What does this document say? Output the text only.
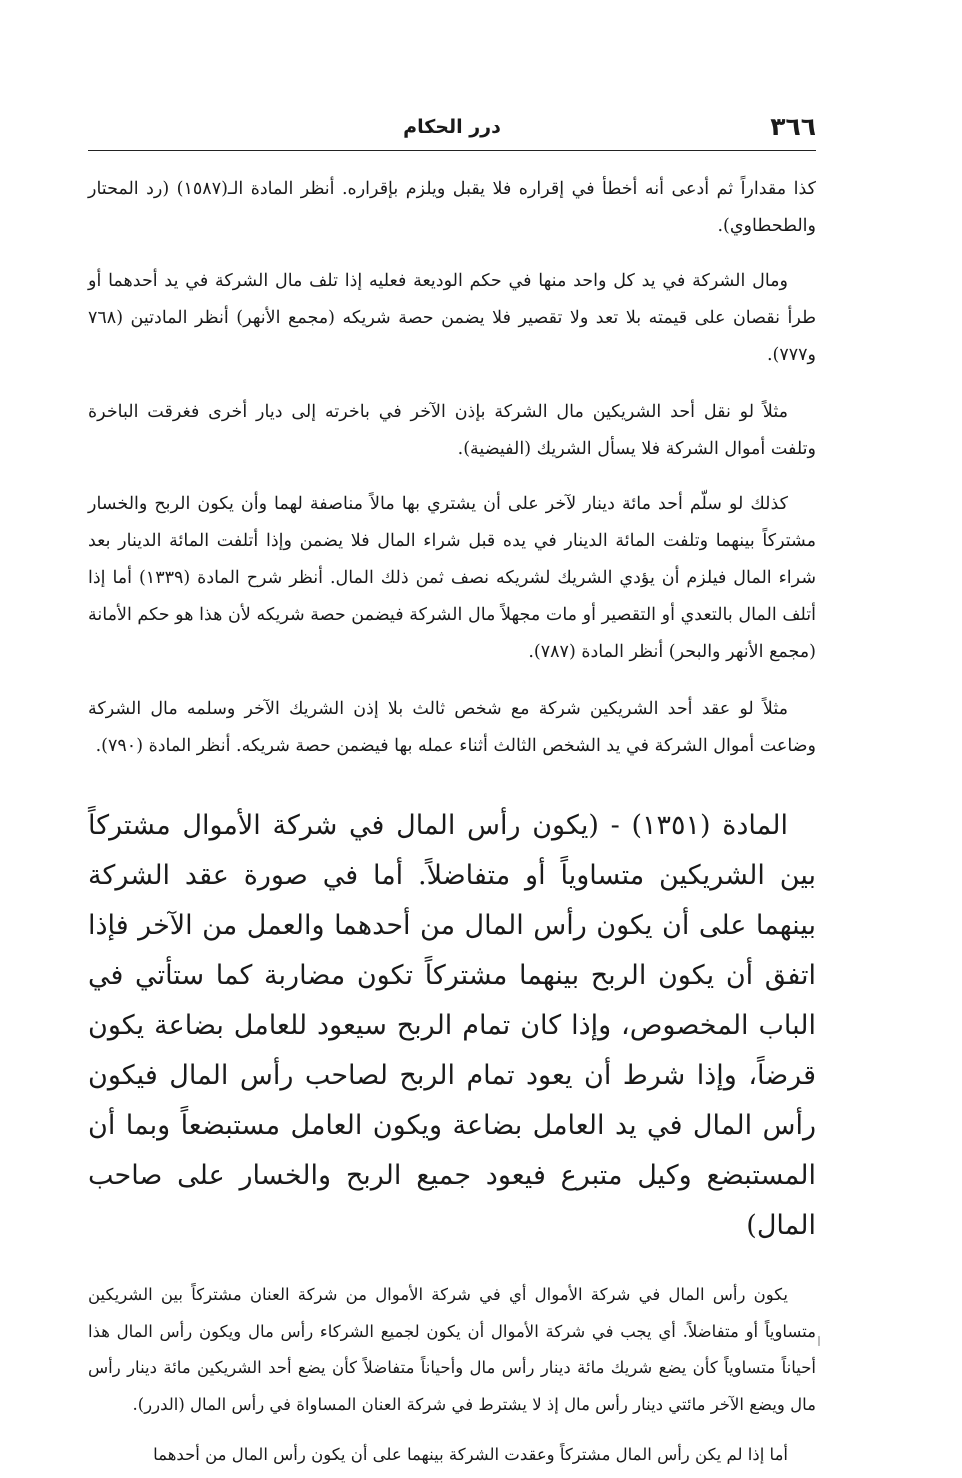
٣٦٦
درر الحكام

كذا مقداراً ثم أدعى أنه أخطأ في إقراره فلا يقبل ويلزم بإقراره. أنظر المادة الـ(١٥٨٧) (رد المحتار والطحطاوي).

ومال الشركة في يد كل واحد منها في حكم الوديعة فعليه إذا تلف مال الشركة في يد أحدهما أو طرأ نقصان على قيمته بلا تعد ولا تقصير فلا يضمن حصة شريكه (مجمع الأنهر) أنظر المادتين (٧٦٨ و٧٧٧).

مثلاً لو نقل أحد الشريكين مال الشركة بإذن الآخر في باخرته إلى ديار أخرى فغرقت الباخرة وتلفت أموال الشركة فلا يسأل الشريك (الفيضية).

كذلك لو سلّم أحد مائة دينار لآخر على أن يشتري بها مالاً مناصفة لهما وأن يكون الربح والخسار مشتركاً بينهما وتلفت المائة الدينار في يده قبل شراء المال فلا يضمن وإذا أتلفت المائة الدينار بعد شراء المال فيلزم أن يؤدي الشريك لشريكه نصف ثمن ذلك المال. أنظر شرح المادة (١٣٣٩) أما إذا أتلف المال بالتعدي أو التقصير أو مات مجهلاً مال الشركة فيضمن حصة شريكه لأن هذا هو حكم الأمانة (مجمع الأنهر والبحر) أنظر المادة (٧٨٧).

مثلاً لو عقد أحد الشريكين شركة مع شخص ثالث بلا إذن الشريك الآخر وسلمه مال الشركة وضاعت أموال الشركة في يد الشخص الثالث أثناء عمله بها فيضمن حصة شريكه. أنظر المادة (٧٩٠).

المادة (١٣٥١) - (يكون رأس المال في شركة الأموال مشتركاً بين الشريكين متساوياً أو متفاضلاً. أما في صورة عقد الشركة بينهما على أن يكون رأس المال من أحدهما والعمل من الآخر فإذا اتفق أن يكون الربح بينهما مشتركاً تكون مضاربة كما ستأتي في الباب المخصوص، وإذا كان تمام الربح سيعود للعامل بضاعة يكون قرضاً، وإذا شرط أن يعود تمام الربح لصاحب رأس المال فيكون رأس المال في يد العامل بضاعة ويكون العامل مستبضعاً وبما أن المستبضع وكيل متبرع فيعود جميع الربح والخسار على صاحب المال)

يكون رأس المال في شركة الأموال أي في شركة الأموال من شركة العنان مشتركاً بين الشريكين متساوياً أو متفاضلاً. أي يجب في شركة الأموال أن يكون لجميع الشركاء رأس مال ويكون رأس المال هذا أحياناً متساوياً كأن يضع شريك مائة دينار رأس مال وأحياناً متفاضلاً كأن يضع أحد الشريكين مائة دينار رأس مال ويضع الآخر مائتي دينار رأس مال إذ لا يشترط في شركة العنان المساواة في رأس المال (الدرر).

أما إذا لم يكن رأس المال مشتركاً وعقدت الشركة بينهما على أن يكون رأس المال من أحدهما
